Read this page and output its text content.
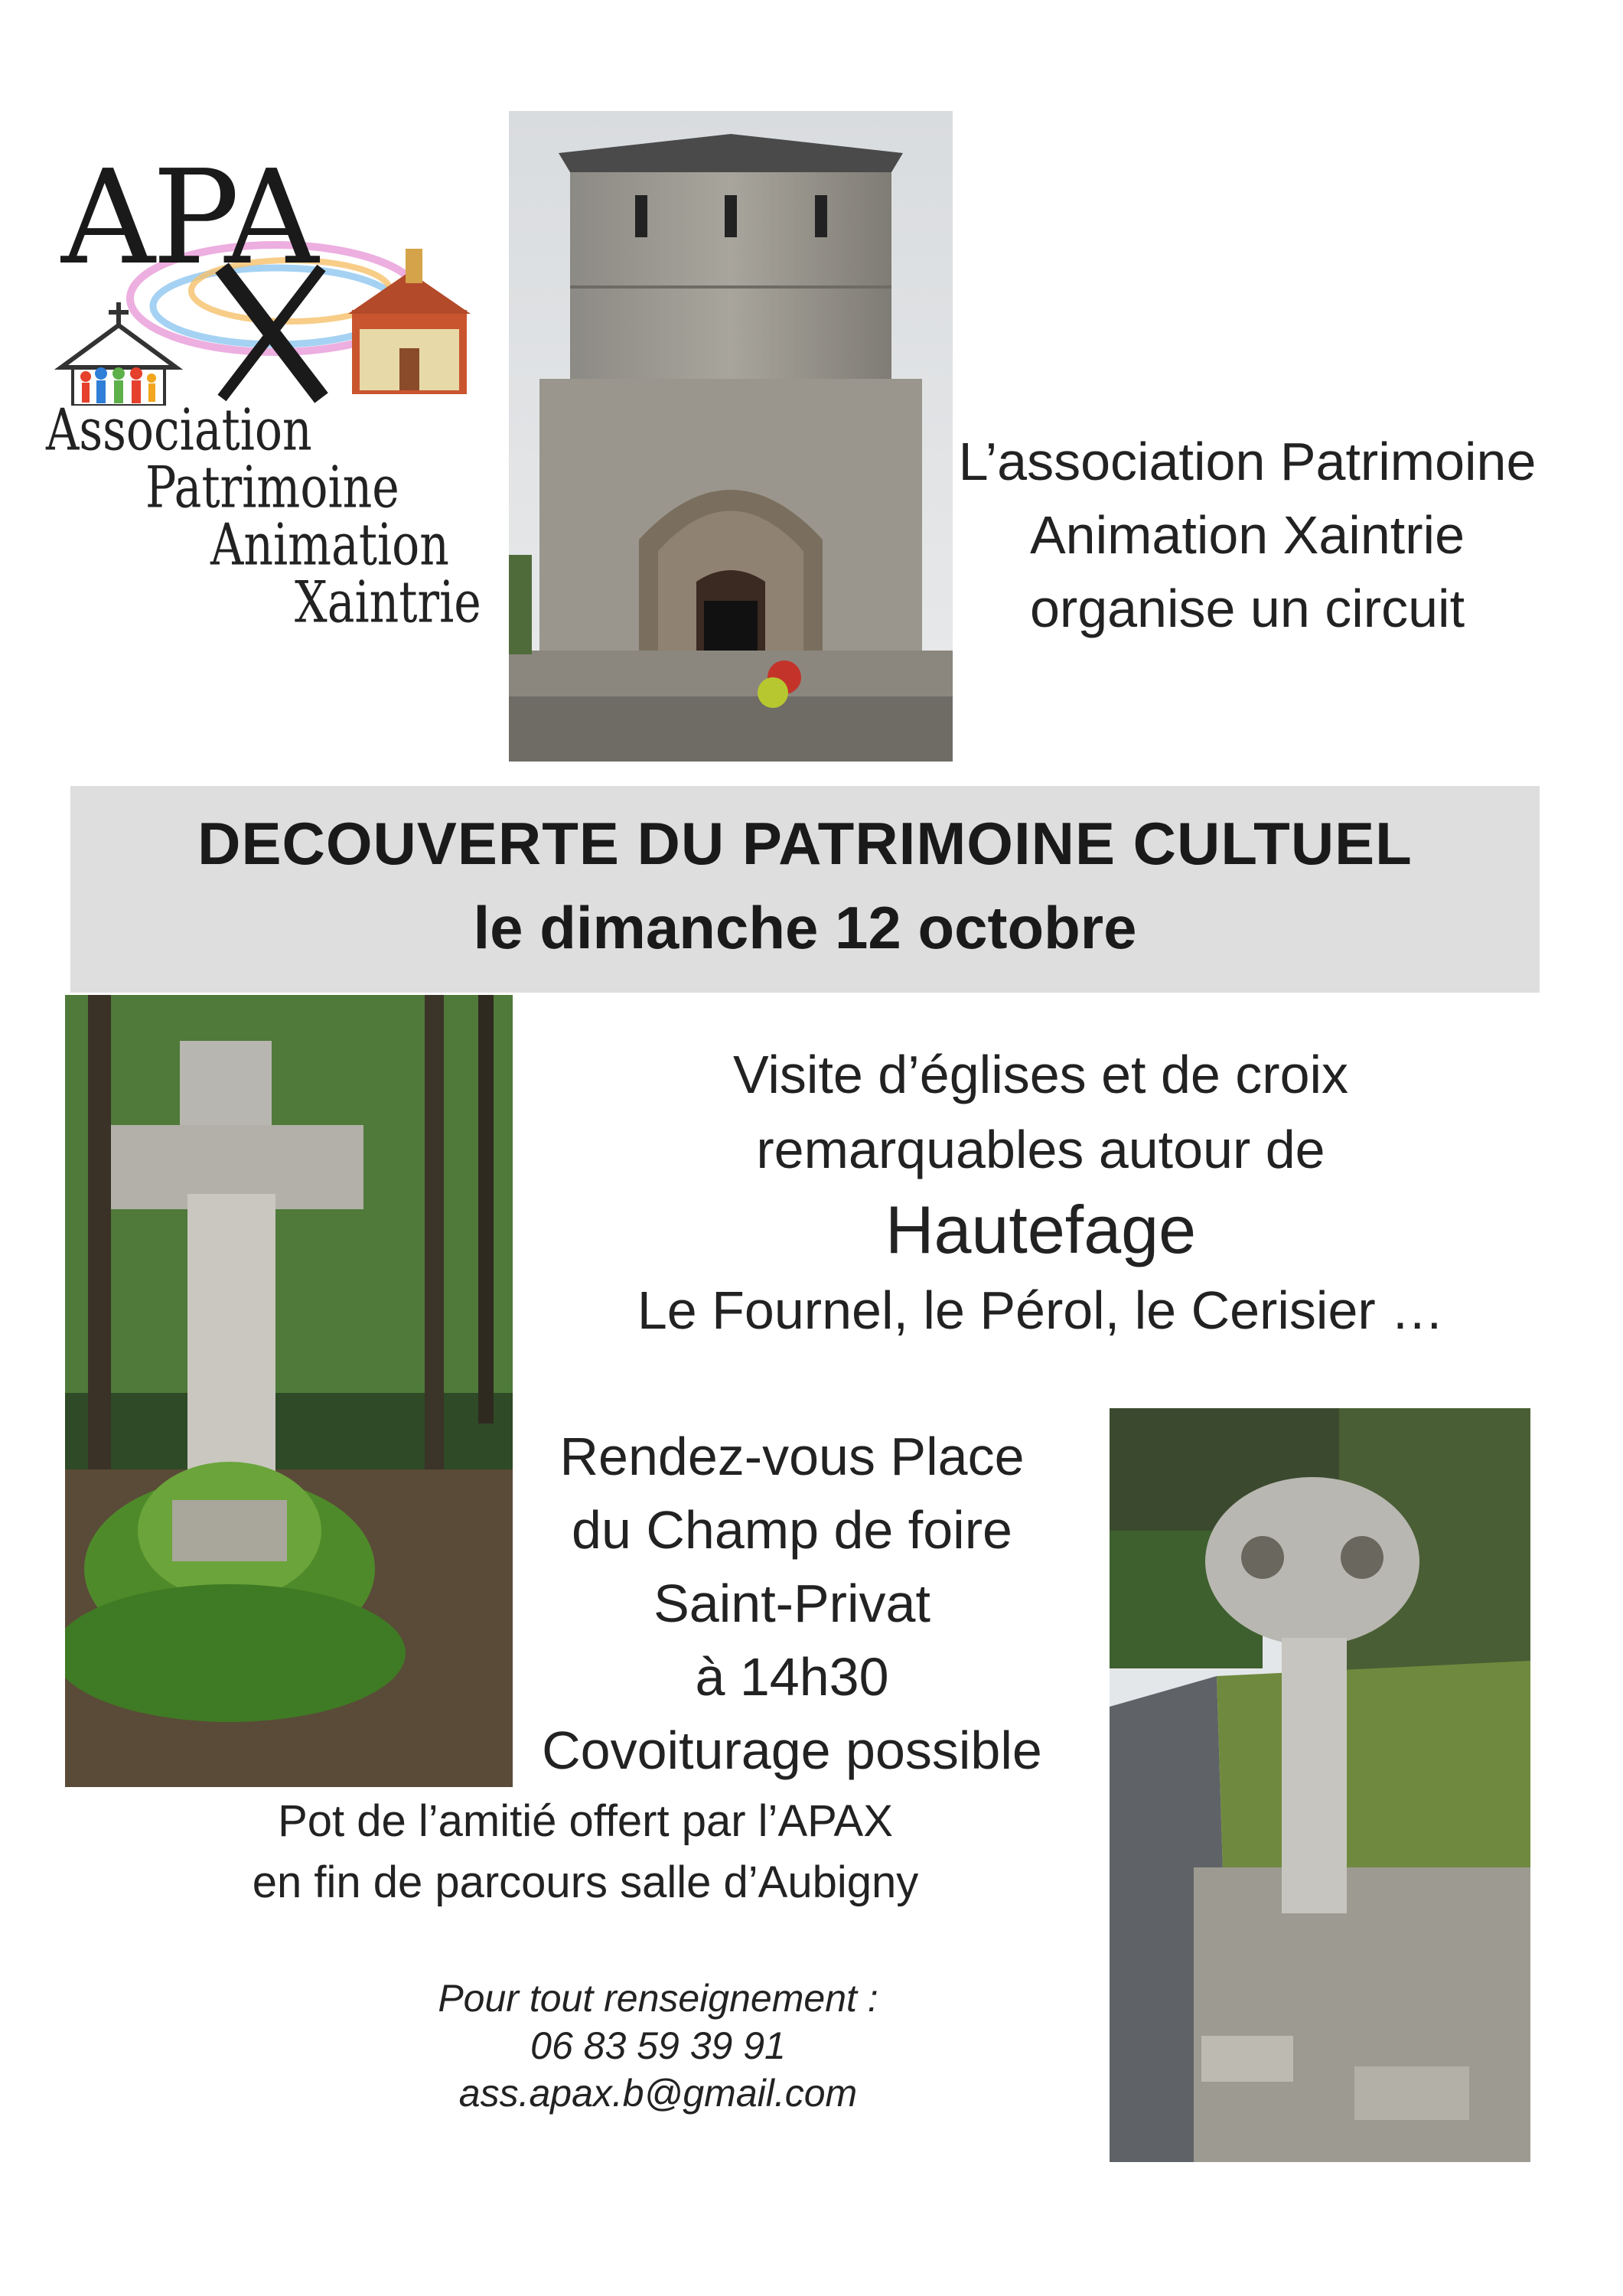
APA
Association
Patrimoine
Animation
Xaintrie
L’association Patrimoine
Animation Xaintrie
organise un circuit
DECOUVERTE DU PATRIMOINE CULTUEL
le dimanche 12 octobre
Visite d’églises et de croix
remarquables autour de
Hautefage
Le Fournel, le Pérol, le Cerisier …
Rendez-vous Place
du Champ de foire
Saint-Privat
à 14h30
Covoiturage possible
Pot de l’amitié offert par l’APAX
en fin de parcours salle d’Aubigny
Pour tout renseignement :
06 83 59 39 91
ass.apax.b@gmail.com
